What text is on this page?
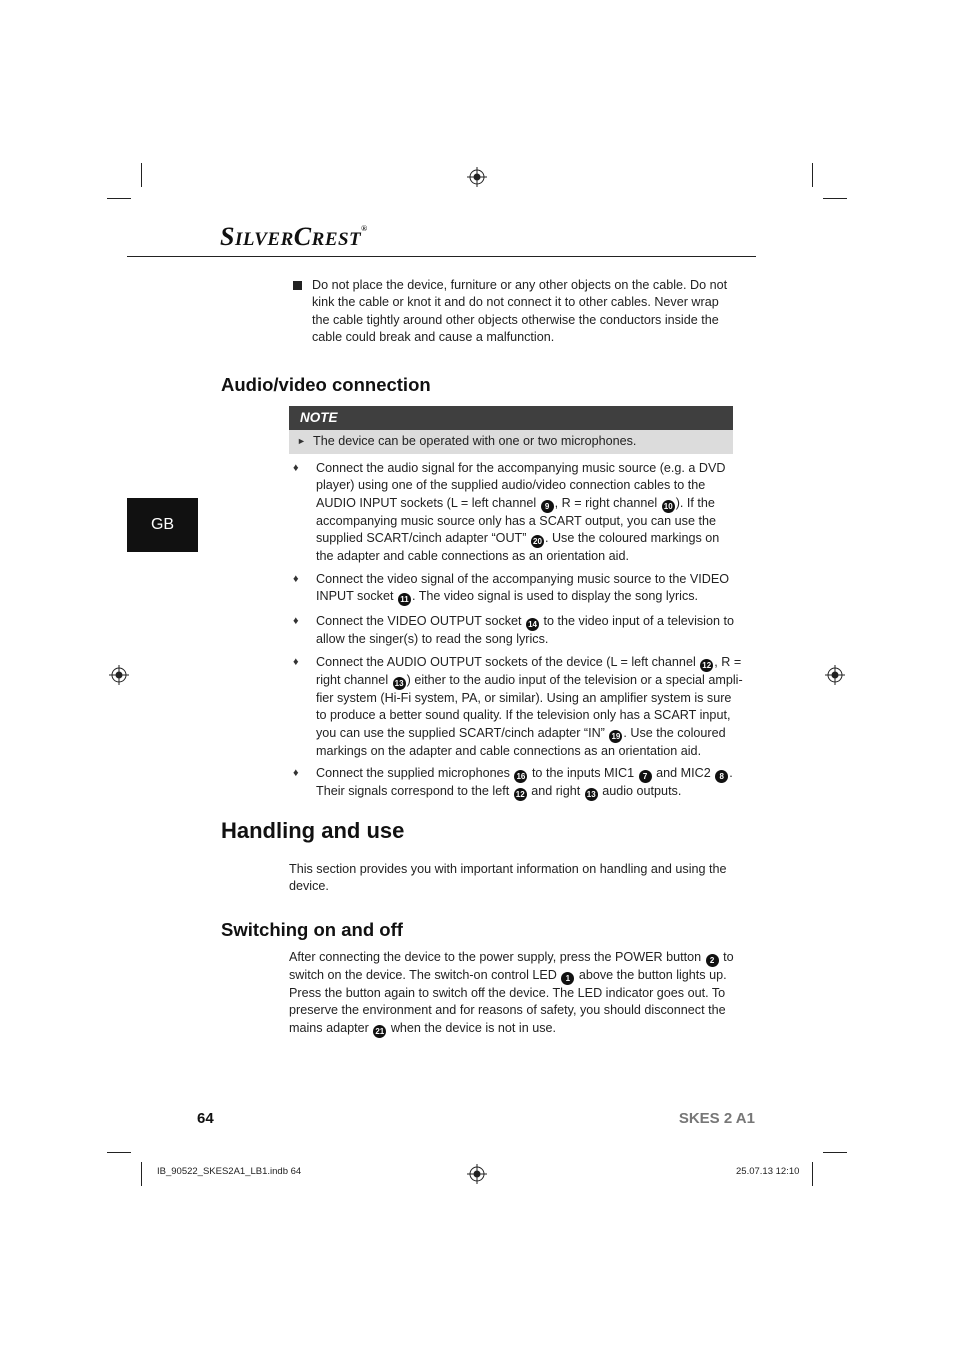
SILVERCREST®
GB
Do not place the device, furniture or any other objects on the cable. Do not
kink the cable or knot it and do not connect it to other cables. Never wrap
the cable tightly around other objects otherwise the conductors inside the
cable could break and cause a malfunction.
Audio/video connection
NOTE
► The device can be operated with one or two microphones.
♦ Connect the audio signal for the accompanying music source (e.g. a DVD
player) using one of the supplied audio/video connection cables to the
AUDIO INPUT sockets (L = left channel 9 , R = right channel 10 ). If the
accompanying music source only has a SCART output, you can use the
supplied SCART/cinch adapter “OUT” 20 . Use the coloured markings on
the adapter and cable connections as an orientation aid.
♦ Connect the video signal of the accompanying music source to the VIDEO
INPUT socket 11 . The video signal is used to display the song lyrics.
♦ Connect the VIDEO OUTPUT socket 14 to the video input of a television to
allow the singer(s) to read the song lyrics.
♦ Connect the AUDIO OUTPUT sockets of the device (L = left channel 12 , R =
right channel 13 ) either to the audio input of the television or a special ampli-
fier system (Hi-Fi system, PA, or similar). Using an amplifier system is sure
to produce a better sound quality. If the television only has a SCART input,
you can use the supplied SCART/cinch adapter “IN” 19 . Use the coloured
markings on the adapter and cable connections as an orientation aid.
♦ Connect the supplied microphones 16 to the inputs MIC1 7 and MIC2 8 .
Their signals correspond to the left 12 and right 13 audio outputs.
Handling and use
This section provides you with important information on handling and using the
device.
Switching on and off
After connecting the device to the power supply, press the POWER button 2 to
switch on the device. The switch-on control LED 1 above the button lights up.
Press the button again to switch off the device. The LED indicator goes out. To
preserve the environment and for reasons of safety, you should disconnect the
mains adapter 21 when the device is not in use.
64	SKES 2 A1
IB_90522_SKES2A1_LB1.indb 64	25.07.13 12:10
